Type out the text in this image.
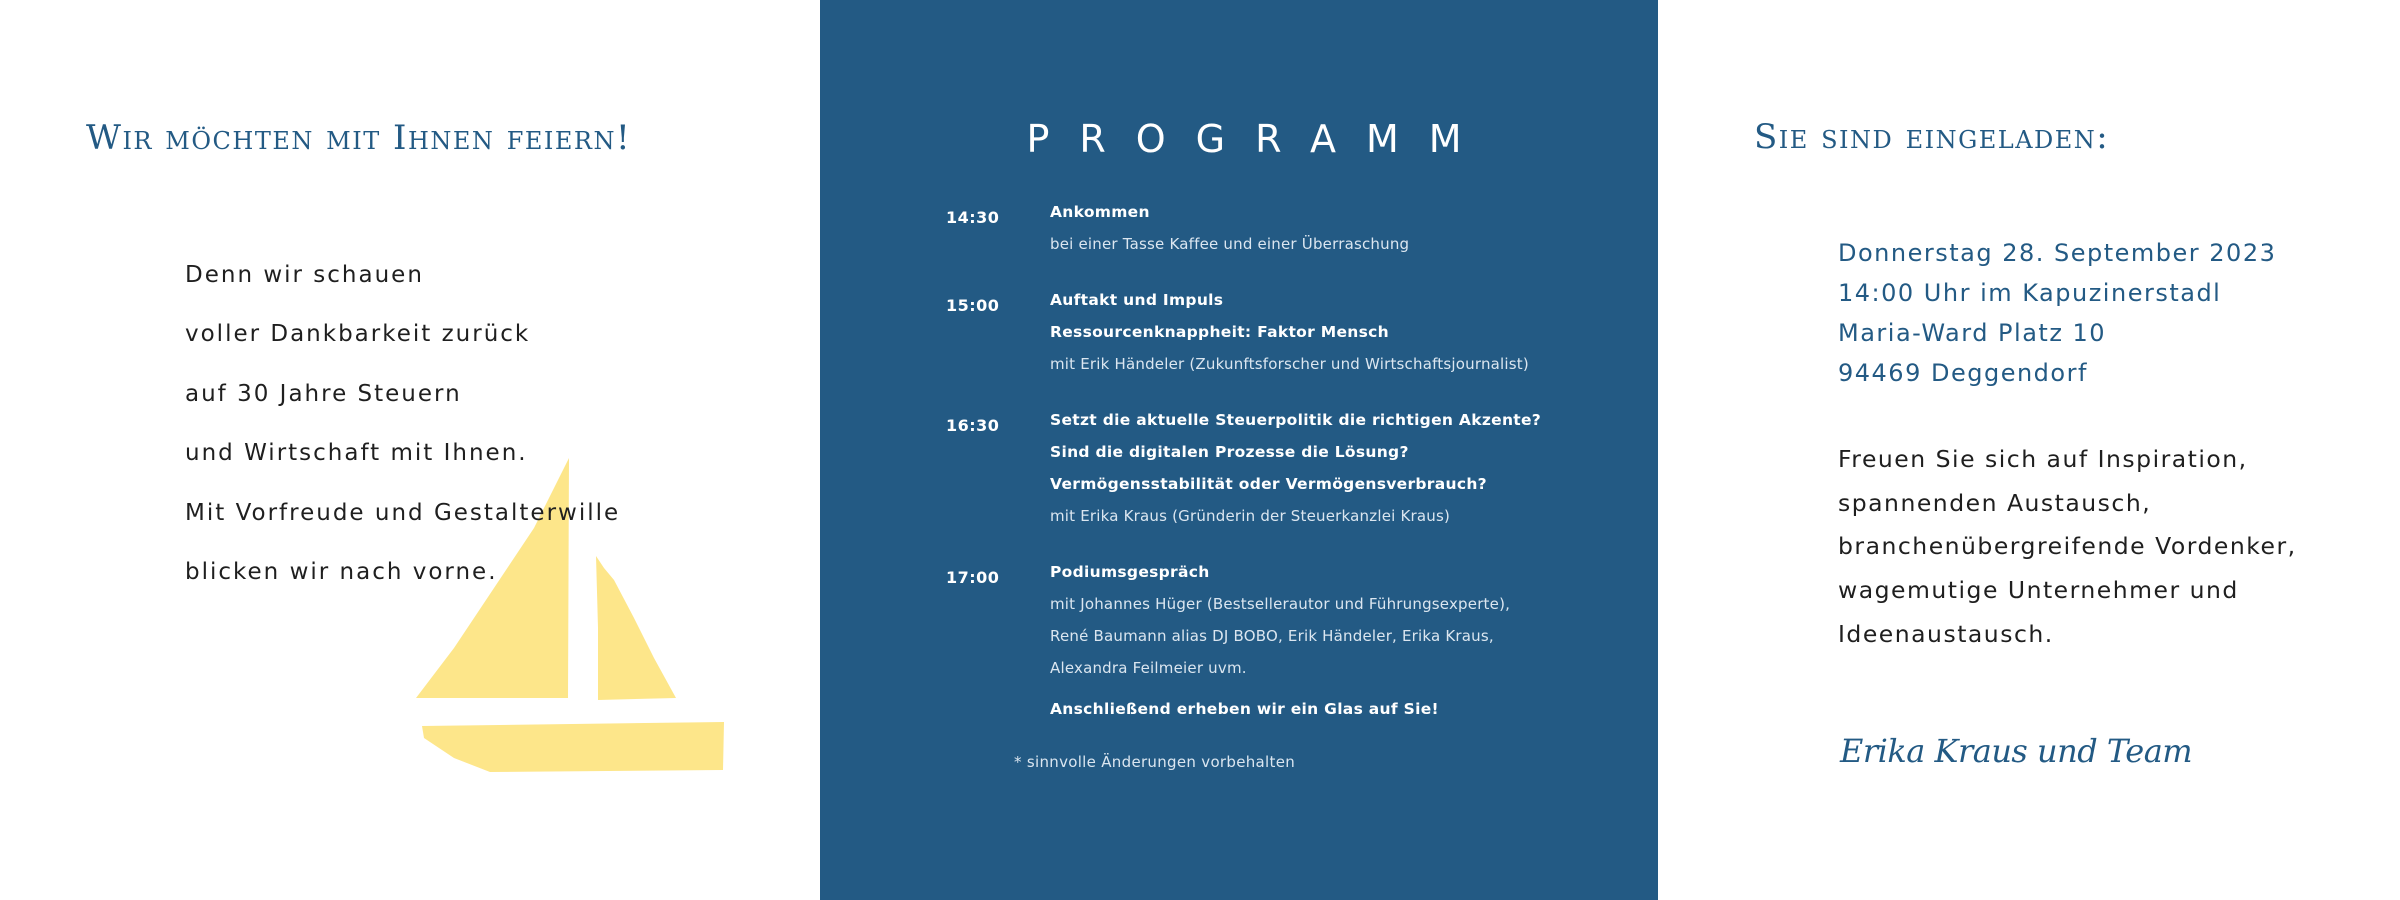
Wir möchten mit Ihnen feiern!
Denn wir schauen
voller Dankbarkeit zurück
auf 30 Jahre Steuern
und Wirtschaft mit Ihnen.
Mit Vorfreude und Gestalterwille
blicken wir nach vorne.
PROGRAMM
14:30	Ankommen
bei einer Tasse Kaffee und einer Überraschung
15:00	Auftakt und Impuls
Ressourcenknappheit: Faktor Mensch
mit Erik Händeler (Zukunftsforscher und Wirtschaftsjournalist)
16:30	Setzt die aktuelle Steuerpolitik die richtigen Akzente?
Sind die digitalen Prozesse die Lösung?
Vermögensstabilität oder Vermögensverbrauch?
mit Erika Kraus (Gründerin der Steuerkanzlei Kraus)
17:00	Podiumsgespräch
mit Johannes Hüger (Bestsellerautor und Führungsexperte),
René Baumann alias DJ BOBO, Erik Händeler, Erika Kraus,
Alexandra Feilmeier uvm.
Anschließend erheben wir ein Glas auf Sie!
* sinnvolle Änderungen vorbehalten
Sie sind eingeladen:
Donnerstag 28. September 2023
14:00 Uhr im Kapuzinerstadl
Maria-Ward Platz 10
94469 Deggendorf
Freuen Sie sich auf Inspiration,
spannenden Austausch,
branchenübergreifende Vordenker,
wagemutige Unternehmer und
Ideenaustausch.
Erika Kraus und Team
